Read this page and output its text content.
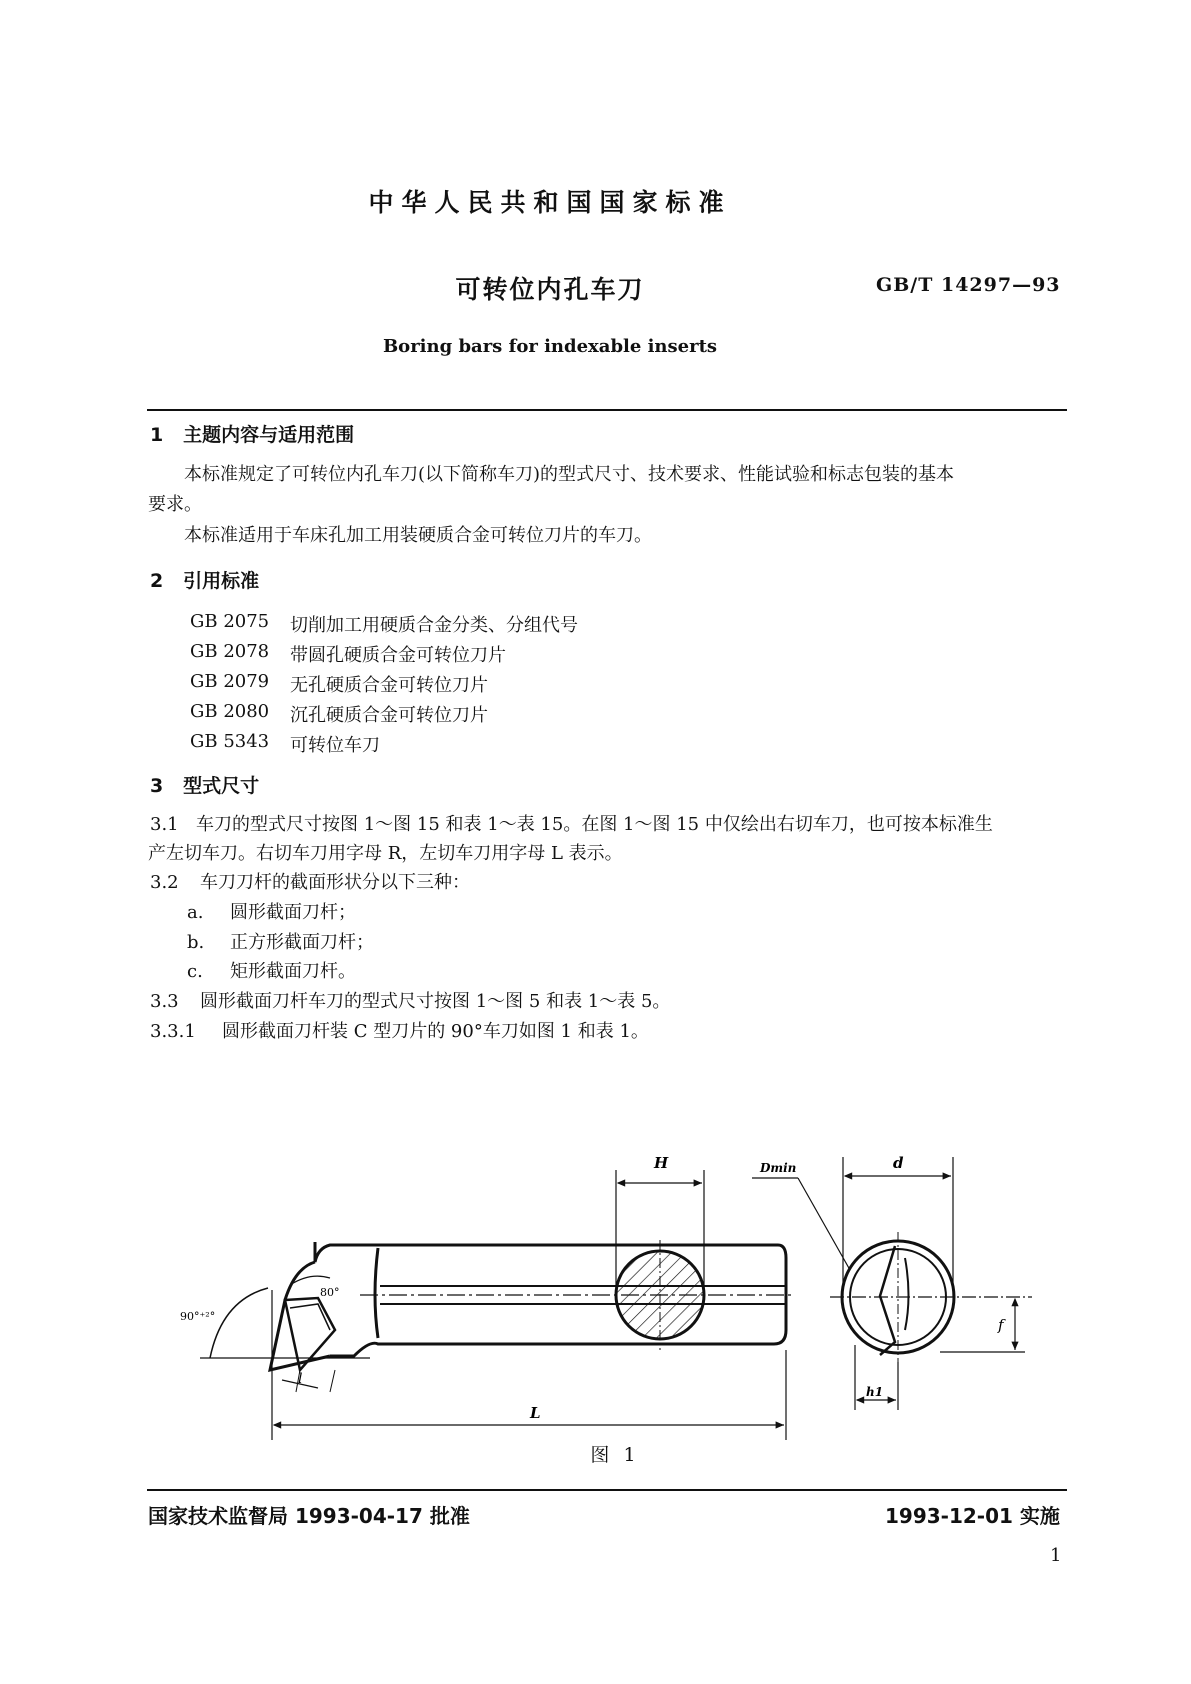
中华人民共和国国家标准
可转位内孔车刀	GB/T 14297—93
Boring bars for indexable inserts
1 主题内容与适用范围
本标准规定了可转位内孔车刀(以下简称车刀)的型式尺寸、技术要求、性能试验和标志包装的基本
要求。
本标准适用于车床孔加工用装硬质合金可转位刀片的车刀。
2 引用标准
GB 2075	切削加工用硬质合金分类、分组代号
GB 2078	带圆孔硬质合金可转位刀片
GB 2079	无孔硬质合金可转位刀片
GB 2080	沉孔硬质合金可转位刀片
GB 5343	可转位车刀
3 型式尺寸
3.1 车刀的型式尺寸按图 1～图 15 和表 1～表 15。在图 1～图 15 中仅绘出右切车刀，也可按本标准生
产左切车刀。右切车刀用字母 R，左切车刀用字母 L 表示。
3.2 车刀刀杆的截面形状分以下三种：
a. 圆形截面刀杆；
b. 正方形截面刀杆；
c. 矩形截面刀杆。
3.3 圆形截面刀杆车刀的型式尺寸按图 1～图 5 和表 1～表 5。
3.3.1 圆形截面刀杆装 C 型刀片的 90°车刀如图 1 和表 1。
H	Dmin	d
80°
90°⁺²°
l
L
f
h1
图 1
国家技术监督局 1993-04-17 批准	1993-12-01 实施
1
